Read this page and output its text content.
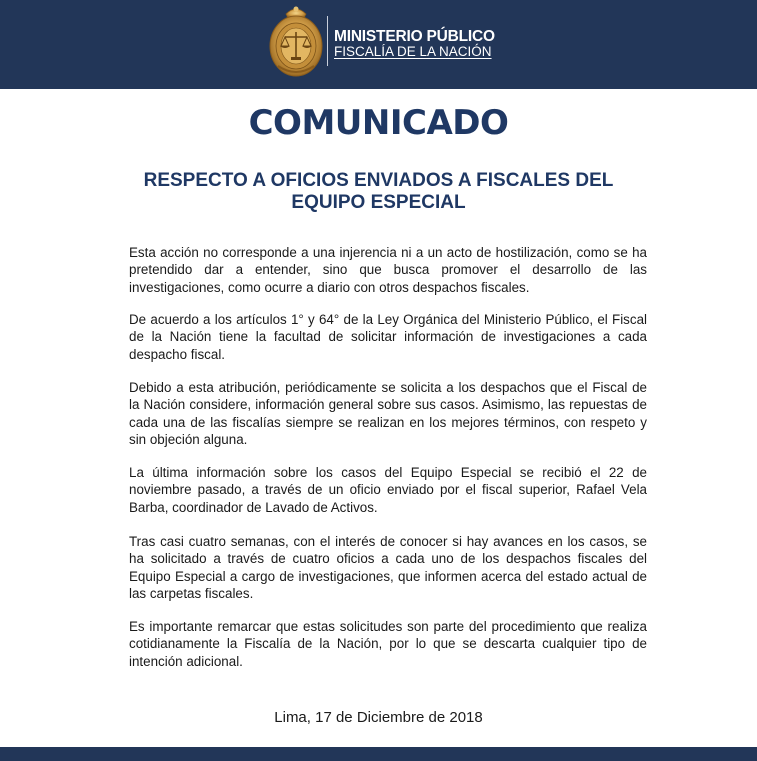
MINISTERIO PÚBLICO
FISCALÍA DE LA NACIÓN
COMUNICADO
RESPECTO A OFICIOS ENVIADOS A FISCALES DEL EQUIPO ESPECIAL

Esta acción no corresponde a una injerencia ni a un acto de hostilización, como se ha pretendido dar a entender, sino que busca promover el desarrollo de las investigaciones, como ocurre a diario con otros despachos fiscales.

De acuerdo a los artículos 1° y 64° de la Ley Orgánica del Ministerio Público, el Fiscal de la Nación tiene la facultad de solicitar información de investigaciones a cada despacho fiscal.

Debido a esta atribución, periódicamente se solicita a los despachos que el Fiscal de la Nación considere, información general sobre sus casos. Asimismo, las repuestas de cada una de las fiscalías siempre se realizan en los mejores términos, con respeto y sin objeción alguna.

La última información sobre los casos del Equipo Especial se recibió el 22 de noviembre pasado, a través de un oficio enviado por el fiscal superior, Rafael Vela Barba, coordinador de Lavado de Activos.

Tras casi cuatro semanas, con el interés de conocer si hay avances en los casos, se ha solicitado a través de cuatro oficios a cada uno de los despachos fiscales del Equipo Especial a cargo de investigaciones, que informen acerca del estado actual de las carpetas fiscales.

Es importante remarcar que estas solicitudes son parte del procedimiento que realiza cotidianamente la Fiscalía de la Nación, por lo que se descarta cualquier tipo de intención adicional.

Lima, 17 de Diciembre de 2018
